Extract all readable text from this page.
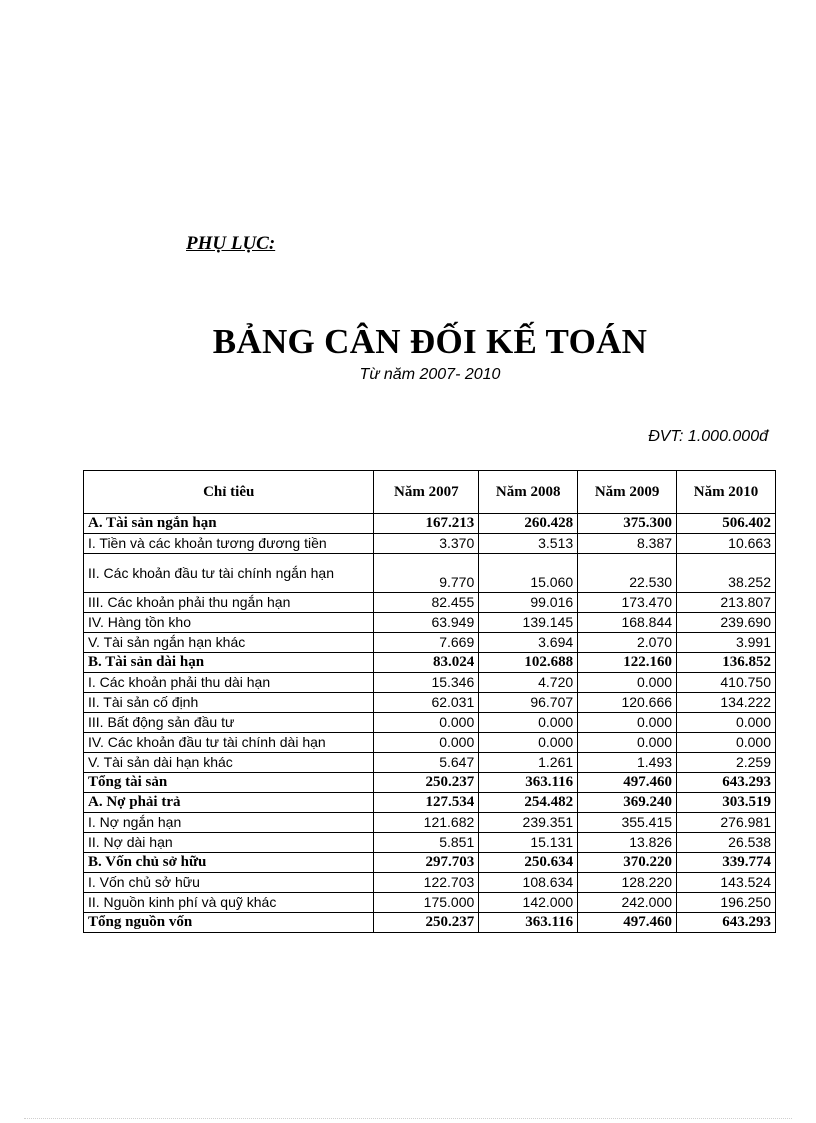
PHỤ LỤC:
BẢNG CÂN ĐỐI KẾ TOÁN
Từ năm 2007- 2010
ĐVT: 1.000.000đ
Chỉ tiêu	Năm 2007	Năm 2008	Năm 2009	Năm 2010
A. Tài sản ngắn hạn	167.213	260.428	375.300	506.402
I. Tiền và các khoản tương đương tiền	3.370	3.513	8.387	10.663
II. Các khoản đầu tư tài chính ngắn hạn	9.770	15.060	22.530	38.252
III. Các khoản phải thu ngắn hạn	82.455	99.016	173.470	213.807
IV. Hàng tồn kho	63.949	139.145	168.844	239.690
V. Tài sản ngắn hạn khác	7.669	3.694	2.070	3.991
B. Tài sản dài hạn	83.024	102.688	122.160	136.852
I. Các khoản phải thu dài hạn	15.346	4.720	0.000	410.750
II. Tài sản cố định	62.031	96.707	120.666	134.222
III. Bất động sản đầu tư	0.000	0.000	0.000	0.000
IV. Các khoản đầu tư tài chính dài hạn	0.000	0.000	0.000	0.000
V. Tài sản dài hạn khác	5.647	1.261	1.493	2.259
Tổng tài sản	250.237	363.116	497.460	643.293
A. Nợ phải trả	127.534	254.482	369.240	303.519
I. Nợ ngắn hạn	121.682	239.351	355.415	276.981
II. Nợ dài hạn	5.851	15.131	13.826	26.538
B. Vốn chủ sở hữu	297.703	250.634	370.220	339.774
I. Vốn chủ sở hữu	122.703	108.634	128.220	143.524
II. Nguồn kinh phí và quỹ khác	175.000	142.000	242.000	196.250
Tổng nguồn vốn	250.237	363.116	497.460	643.293
